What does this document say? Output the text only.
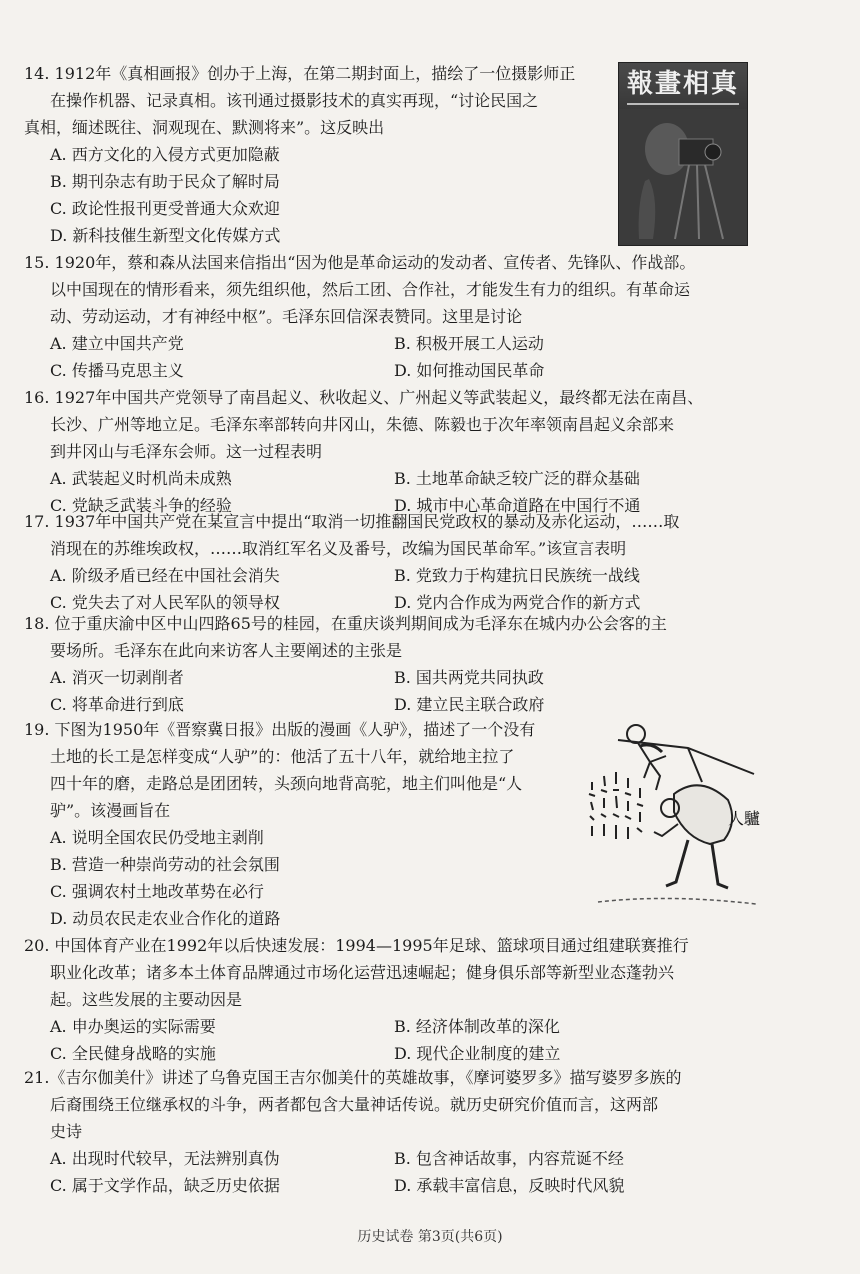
14. 1912年《真相画报》创办于上海，在第二期封面上，描绘了一位摄影师正
在操作机器、记录真相。该刊通过摄影技术的真实再现，“讨论民国之
真相，缅述既往、洞观现在、默测将来”。这反映出
A. 西方文化的入侵方式更加隐蔽
B. 期刊杂志有助于民众了解时局
C. 政论性报刊更受普通大众欢迎
D. 新科技催生新型文化传媒方式
報畫相真
15. 1920年，蔡和森从法国来信指出“因为他是革命运动的发动者、宣传者、先锋队、作战部。
以中国现在的情形看来，须先组织他，然后工团、合作社，才能发生有力的组织。有革命运
动、劳动运动，才有神经中枢”。毛泽东回信深表赞同。这里是讨论
A. 建立中国共产党	B. 积极开展工人运动
C. 传播马克思主义	D. 如何推动国民革命
16. 1927年中国共产党领导了南昌起义、秋收起义、广州起义等武装起义，最终都无法在南昌、
长沙、广州等地立足。毛泽东率部转向井冈山，朱德、陈毅也于次年率领南昌起义余部来
到井冈山与毛泽东会师。这一过程表明
A. 武装起义时机尚未成熟	B. 土地革命缺乏较广泛的群众基础
C. 党缺乏武装斗争的经验	D. 城市中心革命道路在中国行不通
17. 1937年中国共产党在某宣言中提出“取消一切推翻国民党政权的暴动及赤化运动，……取
消现在的苏维埃政权，……取消红军名义及番号，改编为国民革命军。”该宣言表明
A. 阶级矛盾已经在中国社会消失	B. 党致力于构建抗日民族统一战线
C. 党失去了对人民军队的领导权	D. 党内合作成为两党合作的新方式
18. 位于重庆渝中区中山四路65号的桂园，在重庆谈判期间成为毛泽东在城内办公会客的主
要场所。毛泽东在此向来访客人主要阐述的主张是
A. 消灭一切剥削者	B. 国共两党共同执政
C. 将革命进行到底	D. 建立民主联合政府
19. 下图为1950年《晋察冀日报》出版的漫画《人驴》，描述了一个没有
土地的长工是怎样变成“人驴”的：他活了五十八年，就给地主拉了
四十年的磨，走路总是团团转，头颈向地背高驼，地主们叫他是“人
驴”。该漫画旨在
A. 说明全国农民仍受地主剥削
B. 营造一种崇尚劳动的社会氛围
C. 强调农村土地改革势在必行
D. 动员农民走农业合作化的道路
人驢
20. 中国体育产业在1992年以后快速发展：1994—1995年足球、篮球项目通过组建联赛推行
职业化改革；诸多本土体育品牌通过市场化运营迅速崛起；健身俱乐部等新型业态蓬勃兴
起。这些发展的主要动因是
A. 申办奥运的实际需要	B. 经济体制改革的深化
C. 全民健身战略的实施	D. 现代企业制度的建立
21.《吉尔伽美什》讲述了乌鲁克国王吉尔伽美什的英雄故事，《摩诃婆罗多》描写婆罗多族的
后裔围绕王位继承权的斗争，两者都包含大量神话传说。就历史研究价值而言，这两部
史诗
A. 出现时代较早，无法辨别真伪	B. 包含神话故事，内容荒诞不经
C. 属于文学作品，缺乏历史依据	D. 承载丰富信息，反映时代风貌
历史试卷 第3页(共6页)
